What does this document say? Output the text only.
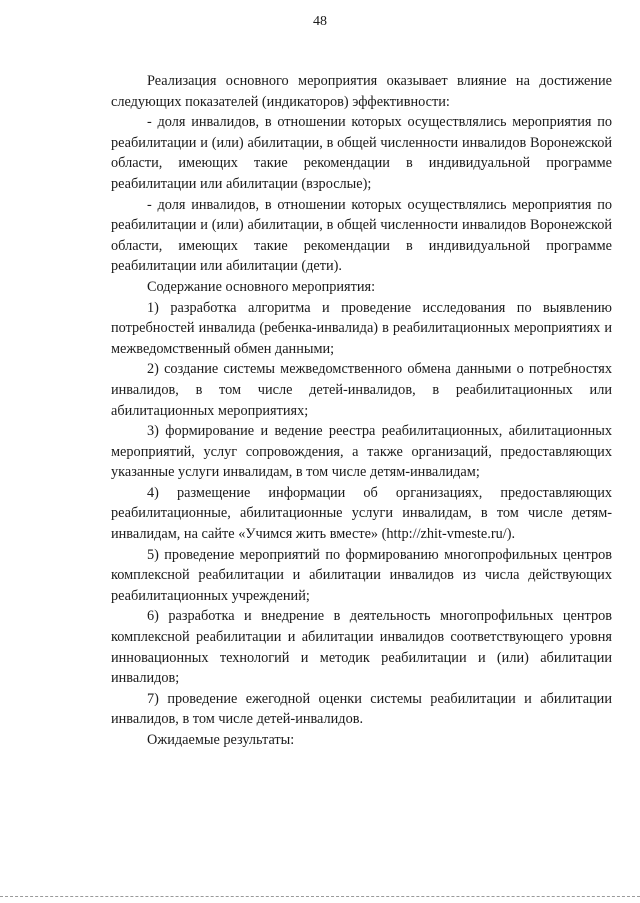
48

Реализация основного мероприятия оказывает влияние на достижение следующих показателей (индикаторов) эффективности:

- доля инвалидов, в отношении которых осуществлялись мероприятия по реабилитации и (или) абилитации, в общей численности инвалидов Воронежской области, имеющих такие рекомендации в индивидуальной программе реабилитации или абилитации (взрослые);

- доля инвалидов, в отношении которых осуществлялись мероприятия по реабилитации и (или) абилитации, в общей численности инвалидов Воронежской области, имеющих такие рекомендации в индивидуальной программе реабилитации или абилитации (дети).

Содержание основного мероприятия:

1) разработка алгоритма и проведение исследования по выявлению потребностей инвалида (ребенка-инвалида) в реабилитационных мероприятиях и межведомственный обмен данными;

2) создание системы межведомственного обмена данными о потребностях инвалидов, в том числе детей-инвалидов, в реабилитационных или абилитационных мероприятиях;

3) формирование и ведение реестра реабилитационных, абилитационных мероприятий, услуг сопровождения, а также организаций, предоставляющих указанные услуги инвалидам, в том числе детям-инвалидам;

4) размещение информации об организациях, предоставляющих реабилитационные, абилитационные услуги инвалидам, в том числе детям-инвалидам, на сайте «Учимся жить вместе» (http://zhit-vmeste.ru/).

5) проведение мероприятий по формированию многопрофильных центров комплексной реабилитации и абилитации инвалидов из числа действующих реабилитационных учреждений;

6) разработка и внедрение в деятельность многопрофильных центров комплексной реабилитации и абилитации инвалидов соответствующего уровня инновационных технологий и методик реабилитации и (или) абилитации инвалидов;

7) проведение ежегодной оценки системы реабилитации и абилитации инвалидов, в том числе детей-инвалидов.

Ожидаемые результаты:
